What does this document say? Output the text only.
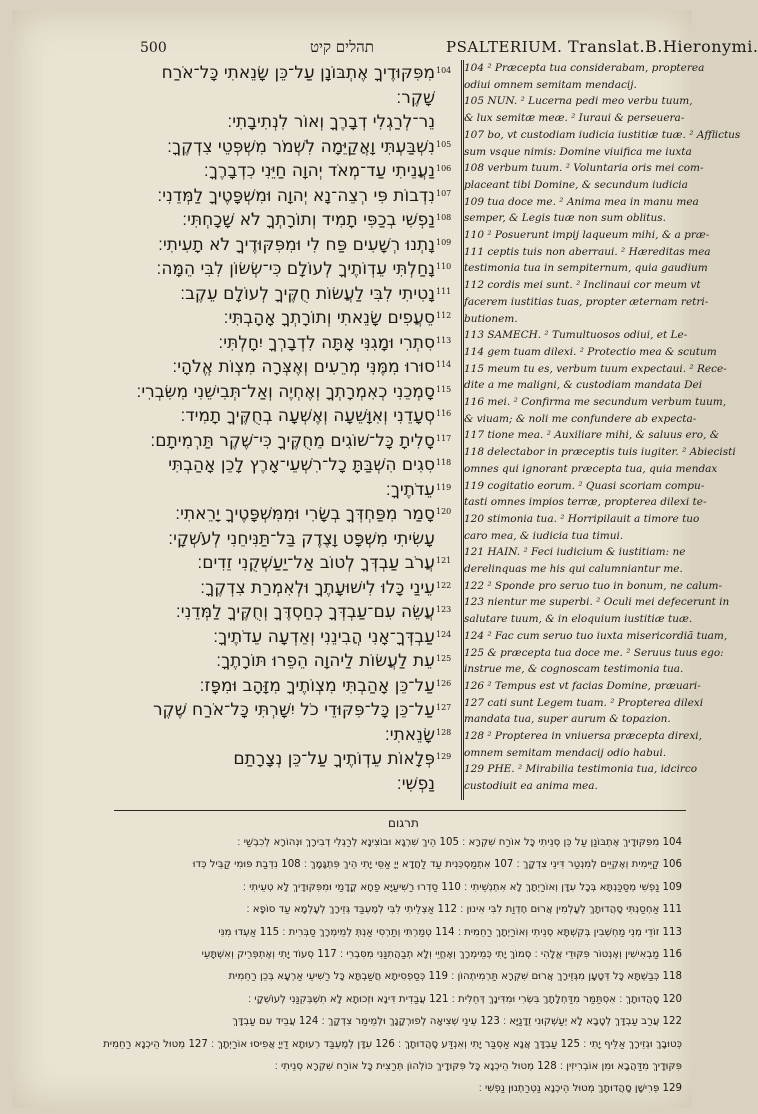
500	תהלים קיט	PSALTERIUM. Translat.B.Hieronymi.
מִפִּקּוּדֶיךָ אֶתְבּוֹנָן עַל־כֵּן שָׂנֵאתִי כָּל־אֹרַח
שָׁקֶר׃
נֵר־לְרַגְלִי דְבָרֶךָ וְאוֹר לִנְתִיבָתִי׃
נִשְׁבַּעְתִּי וָאֲקַיֵּמָה לִשְׁמֹר מִשְׁפְּטֵי צִדְקֶךָ׃
נַעֲנֵיתִי עַד־מְאֹד יְהוָה חַיֵּנִי כִדְבָרֶךָ׃
נִדְבוֹת פִּי רְצֵה־נָא יְהוָה וּמִשְׁפָּטֶיךָ לַמְּדֵנִי׃
נַפְשִׁי בְכַפִּי תָמִיד וְתוֹרָתְךָ לֹא שָׁכָחְתִּי׃
נָתְנוּ רְשָׁעִים פַּח לִי וּמִפִּקּוּדֶיךָ לֹא תָעִיתִי׃
נָחַלְתִּי עֵדְוֺתֶיךָ לְעוֹלָם כִּי־שְׂשׂוֹן לִבִּי הֵמָּה׃
נָטִיתִי לִבִּי לַעֲשׂוֹת חֻקֶּיךָ לְעוֹלָם עֵקֶב׃
סֵעֲפִים שָׂנֵאתִי וְתוֹרָתְךָ אָהָבְתִּי׃
סִתְרִי וּמָגִנִּי אָתָּה לִדְבָרְךָ יִחָלְתִּי׃
סוּרוּ מִמֶּנִּי מְרֵעִים וְאֶצְּרָה מִצְוֺת אֱלֹהָי׃
סָמְכֵנִי כְאִמְרָתְךָ וְאֶחְיֶה וְאַל־תְּבִישֵׁנִי מִשִּׂבְרִי׃
סְעָדֵנִי וְאִוָּשֵׁעָה וְאֶשְׁעָה בְחֻקֶּיךָ תָמִיד׃
סָלִיתָ כָּל־שׁוֹגִים מֵחֻקֶּיךָ כִּי־שֶׁקֶר תַּרְמִיתָם׃
סִגִים הִשְׁבַּתָּ כָל־רִשְׁעֵי־אָרֶץ לָכֵן אָהַבְתִּי
עֵדֹתֶיךָ׃
סָמַר מִפַּחְדְּךָ בְשָׂרִי וּמִמִּשְׁפָּטֶיךָ יָרֵאתִי׃
עָשִׂיתִי מִשְׁפָּט וָצֶדֶק בַּל־תַּנִּיחֵנִי לְעֹשְׁקָי׃
עֲרֹב עַבְדְּךָ לְטוֹב אַל־יַעַשְׁקֻנִי זֵדִים׃
עֵינַי כָּלוּ לִישׁוּעָתֶךָ וּלְאִמְרַת צִדְקֶךָ׃
עֲשֵׂה עִם־עַבְדְּךָ כְחַסְדֶּךָ וְחֻקֶּיךָ לַמְּדֵנִי׃
עַבְדְּךָ־אָנִי הֲבִינֵנִי וְאֵדְעָה עֵדֹתֶיךָ׃
עֵת לַעֲשׂוֹת לַיהוָה הֵפֵרוּ תּוֹרָתֶךָ׃
עַל־כֵּן אָהַבְתִּי מִצְוֺתֶיךָ מִזָּהָב וּמִפָּז׃
עַל־כֵּן כָּל־פִּקּוּדֵי כֹל יִשָּׁרְתִּי כָּל־אֹרַח שֶׁקֶר
שָׂנֵאתִי׃
פְּלָאוֹת עֵדְוֺתֶיךָ עַל־כֵּן נְצָרָתַם
נַפְשִׁי׃
104
105
106
107
108
109
110
111
112
113
114
115
116
117
118
119
120
121
122
123
124
125
126
127
128
129
104 ² Præcepta tua considerabam, propterea
odiui omnem semitam mendacij.
105 NUN. ² Lucerna pedi meo verbu tuum,
& lux semitæ meæ. ² Iuraui & perseuera-
107 bo, vt custodiam iudicia iustitiæ tuæ. ² Afflictus
sum vsque nimis: Domine viuifica me iuxta
108 verbum tuum. ² Voluntaria oris mei com-
placeant tibi Domine, & secundum iudicia
109 tua doce me. ² Anima mea in manu mea
semper, & Legis tuæ non sum oblitus.
110 ² Posuerunt impij laqueum mihi, & a præ-
111 ceptis tuis non aberraui. ² Hæreditas mea
testimonia tua in sempiternum, quia gaudium
112 cordis mei sunt. ² Inclinaui cor meum vt
facerem iustitias tuas, propter æternam retri-
butionem.
113 SAMECH. ² Tumultuosos odiui, et Le-
114 gem tuam dilexi. ² Protectio mea & scutum
115 meum tu es, verbum tuum expectaui. ² Rece-
dite a me maligni, & custodiam mandata Dei
116 mei. ² Confirma me secundum verbum tuum,
& viuam; & noli me confundere ab expecta-
117 tione mea. ² Auxiliare mihi, & saluus ero, &
118 delectabor in præceptis tuis iugiter. ² Abiecisti
omnes qui ignorant præcepta tua, quia mendax
119 cogitatio eorum. ² Quasi scoriam compu-
tasti omnes impios terræ, propterea dilexi te-
120 stimonia tua. ² Horripilauit a timore tuo
caro mea, & iudicia tua timui.
121 HAIN. ² Feci iudicium & iustitiam: ne
derelinquas me his qui calumniantur me.
122 ² Sponde pro seruo tuo in bonum, ne calum-
123 nientur me superbi. ² Oculi mei defecerunt in
salutare tuum, & in eloquium iustitiæ tuæ.
124 ² Fac cum seruo tuo iuxta misericordiã tuam,
125 & præcepta tua doce me. ² Seruus tuus ego:
instrue me, & cognoscam testimonia tua.
126 ² Tempus est vt facias Domine, præuari-
127 cati sunt Legem tuam. ² Propterea dilexi
mandata tua, super aurum & topazion.
128 ² Propterea in vniuersa præcepta direxi,
omnem semitam mendacij odio habui.
129 PHE. ² Mirabilia testimonia tua, idcirco
custodiuit ea anima mea.
תרגום
104 מִפִּקּוּדָיךְ אֶתְבּוֹנַן עַל כֵּן סְנֵיתִי כָּל אוֹרַח שִׁקְרָא ׃ 105 הֵיךְ שִׁרְגָא וּבוֹצִינָא לְרַגְלִי דְבִירָךְ וּנְהוֹרָא לְכִבְשַׁי ׃
106 קַיֵּימִית וְאֶקְיֵים לְמִנְטַר דִּינֵי צִדְקָךְ ׃ 107 אִתְמַסְכְּנִית עַד לַחֲדָא יְיָ אַסֵּי יָתִי הֵיךְ פִּתְגָּמָךְ ׃ 108 נִדְבַת פּוּמִי קַבֵּיל כְּדוּ
109 נַפְשִׁי מְסַכַּנְתָּא בְּכָל עִדָּן וְאוֹרַיְתָךְ לָא אִתְנְשֵׁיתִי ׃ 110 סַדְרוּ רַשִׁיעַיָּא פַחָא קֳדָמַי וּמִפִּקּוּדָיךְ לָא טְעֵיתִי ׃
111 אַחְסַנְתִּי סָהֲדוּתָךְ לְעָלְמִין אֲרוּם חֶדְוַת לִבִּי אִינוּן ׃ 112 אַצְלֵיתִי לִבִּי לְמֶעְבַּד גְּזֵירָךְ לְעָלְמָא עַד סוֹפָא ׃
113 זוֹדֵי מְנֵי מַחְשְׁבִין בְּקִשְׁתָּא סְנֵיתִי וְאוֹרַיְתָךְ רַחֵמִית ׃ 114 טְמַרְתִּי וְתַרְסִי אַנְתְּ לְמֵימְרָךְ סַבְּרִית ׃ 115 אַעְדוּ מִנִּי
116 מַבְאִישִׁין וְאֶנְטוֹר פִּקּוּדֵי אֱלָהִי ׃ סְמוֹךְ יָתִי כְּמֵימְרָךְ וְאֶחֱיֵי וְלָא תְבַהֲתִנַּנִי מִסִּבְרִי ׃ 117 סְעוֹד יָתִי וְאֶתְפְּרֵיק וְאִשְׁתָּעֵי
118 כְּבַשְׁתָּא כָּל דְּטָעָן מִגְּזֵירָךְ אֲרוּם שִׁקְרָא תַּרְמִיתְהוֹן ׃ 119 כְּסַפְסִיתָא חֲשַׁבְתָּא כָּל רַשִׁיעֵי אַרְעָא בְּכֵן רַחֵמִית
120 סָהֲדוּתָךְ ׃ אִסְתַּמַּר מִדַּחְלָתָךְ בִּשְׂרִי וּמִדִּינָךְ דְּחֵלִית ׃ 121 עֲבַדִית דִּינָא וּזְכוּתָא לָא תִשְׁבְּקִנַּנִי לְעוֹשְׁקָי ׃
122 עֲרַב עַבְדָּךְ לְטָבָא לָא יְעַשְׁקוּנִי זֵדָנַיָּא ׃ 123 עֵינַי שְׁצִיאָה לְפוּרְקָנָךְ וּלְמֵימַר צִדְקָךְ ׃ 124 עֲבֵיד עִם עַבְדָּךְ
כְּטוּבָךְ וּגְזֵירָךְ אַלֵּיף יָתִי ׃ 125 עַבְדָּךְ אֲנָא אַסְבַּר יָתִי וְאִנְדַּע סָהֲדוּתָךְ ׃ 126 עִדָּן לְמֶעְבַּד רְעוּתָא דַיְיָ אֲפִיסוּ אוֹרַיְתָךְ ׃ 127 מְטוּל הֵיכְנָא רַחֵמִית
פִּקּוּדָיךְ מִדַּהֲבָא וּמִן אוֹבְרִיזִין ׃ 128 מְטוּל הֵיכְנָא כָּל פִּקּוּדָיךְ כּוֹלְהוֹן תְּרַצִית כָּל אוֹרַח שִׁקְרָא סְנֵיתִי ׃
129 פְּרִישָׁן סָהֲדוּתָךְ מְטוּל הֵיכְנָא נַטְרַתְנוּן נַפְשִׁי ׃
